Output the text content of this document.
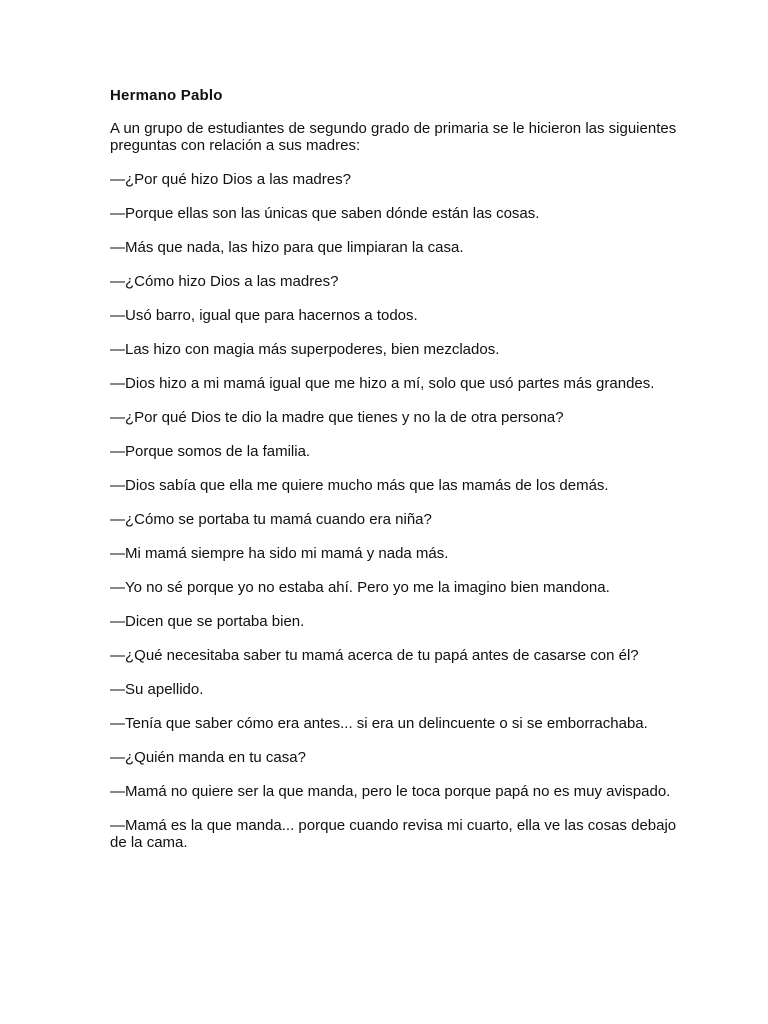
Hermano Pablo

A un grupo de estudiantes de segundo grado de primaria se le hicieron las siguientes preguntas con relación a sus madres:

—¿Por qué hizo Dios a las madres?

—Porque ellas son las únicas que saben dónde están las cosas.

—Más que nada, las hizo para que limpiaran la casa.

—¿Cómo hizo Dios a las madres?

—Usó barro, igual que para hacernos a todos.

—Las hizo con magia más superpoderes, bien mezclados.

—Dios hizo a mi mamá igual que me hizo a mí, solo que usó partes más grandes.

—¿Por qué Dios te dio la madre que tienes y no la de otra persona?

—Porque somos de la familia.

—Dios sabía que ella me quiere mucho más que las mamás de los demás.

—¿Cómo se portaba tu mamá cuando era niña?

—Mi mamá siempre ha sido mi mamá y nada más.

—Yo no sé porque yo no estaba ahí. Pero yo me la imagino bien mandona.

—Dicen que se portaba bien.

—¿Qué necesitaba saber tu mamá acerca de tu papá antes de casarse con él?

—Su apellido.

—Tenía que saber cómo era antes... si era un delincuente o si se emborrachaba.

—¿Quién manda en tu casa?

—Mamá no quiere ser la que manda, pero le toca porque papá no es muy avispado.

—Mamá es la que manda... porque cuando revisa mi cuarto, ella ve las cosas debajo de la cama.
